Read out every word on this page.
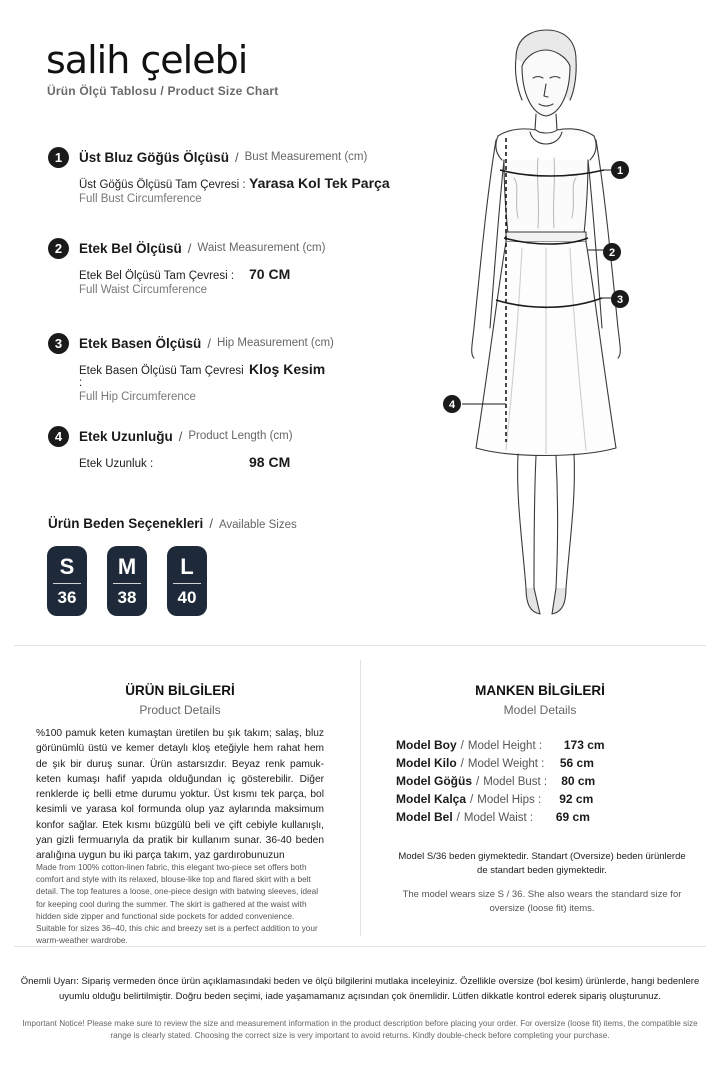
salih çelebi
Ürün Ölçü Tablosu / Product Size Chart
1	Üst Bluz Göğüs Ölçüsü / Bust Measurement (cm)
Üst Göğüs Ölçüsü Tam Çevresi : Yarasa Kol Tek Parça
Full Bust Circumference
2	Etek Bel Ölçüsü / Waist Measurement (cm)
Etek Bel Ölçüsü Tam Çevresi :	70 CM
Full Waist Circumference
3	Etek Basen Ölçüsü / Hip Measurement (cm)
Etek Basen Ölçüsü Tam Çevresi :
Kloş Kesim
Full Hip Circumference
4	Etek Uzunluğu / Product Length (cm)
Etek Uzunluk :	98 CM
Ürün Beden Seçenekleri / Available Sizes
S
36
M
38
L
40
1
2
3
4
ÜRÜN BİLGİLERİ
Product Details
%100 pamuk keten kumaştan üretilen bu şık takım; salaş, bluz görünümlü üstü ve kemer detaylı kloş eteğiyle hem rahat hem de şık bir duruş sunar. Ürün astarsızdır. Beyaz renk pamuk-keten kumaşı hafif yapıda olduğundan iç gösterebilir. Diğer renklerde iç belli etme durumu yoktur. Üst kısmı tek parça, bol kesimli ve yarasa kol formunda olup yaz aylarında maksimum konfor sağlar. Etek kısmı büzgülü beli ve çift cebiyle kullanışlı, yan gizli fermuarıyla da pratik bir kullanım sunar. 36-40 beden aralığına uygun bu iki parça takım, yaz gardırobunuzun
Made from 100% cotton-linen fabric, this elegant two-piece set offers both comfort and style with its relaxed, blouse-like top and flared skirt with a belt detail. The top features a loose, one-piece design with batwing sleeves, ideal for keeping cool during the summer. The skirt is gathered at the waist with hidden side zipper and functional side pockets for added convenience. Suitable for sizes 36–40, this chic and breezy set is a perfect addition to your warm-weather wardrobe.
MANKEN BİLGİLERİ
Model Details
Model Boy / Model Height :	173 cm
Model Kilo / Model Weight :	56 cm
Model Göğüs / Model Bust :	80 cm
Model Kalça / Model Hips :	92 cm
Model Bel / Model Waist :	69 cm
Model S/36 beden giymektedir. Standart (Oversize) beden ürünlerde de standart beden giymektedir.
The model wears size S / 36. She also wears the standard size for oversize (loose fit) items.
Önemli Uyarı: Sipariş vermeden önce ürün açıklamasındaki beden ve ölçü bilgilerini mutlaka inceleyiniz. Özellikle oversize (bol kesim) ürünlerde, hangi bedenlere uyumlu olduğu belirtilmiştir. Doğru beden seçimi, iade yaşamamanız açısından çok önemlidir. Lütfen dikkatle kontrol ederek sipariş oluşturunuz.
Important Notice! Please make sure to review the size and measurement information in the product description before placing your order. For oversize (loose fit) items, the compatible size range is clearly stated. Choosing the correct size is very important to avoid returns. Kindly double-check before completing your purchase.
